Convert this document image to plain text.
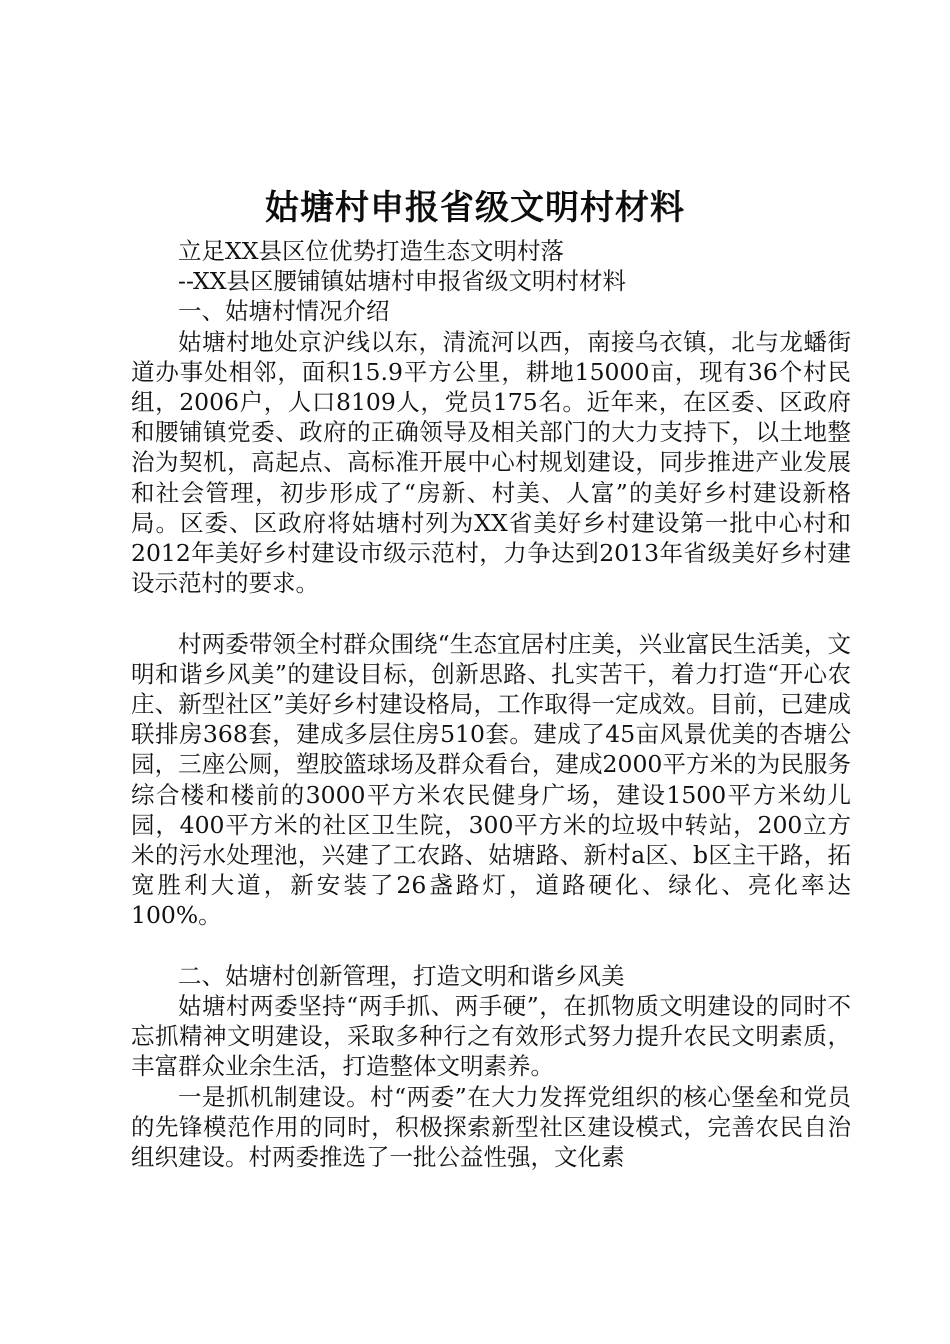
姑塘村申报省级文明村材料

立足XX县区位优势打造生态文明村落

--XX县区腰铺镇姑塘村申报省级文明村材料

一、姑塘村情况介绍

姑塘村地处京沪线以东，清流河以西，南接乌衣镇，北与龙蟠街道办事处相邻，面积15.9平方公里，耕地15000亩，现有36个村民组，2006户，人口8109人，党员175名。近年来，在区委、区政府和腰铺镇党委、政府的正确领导及相关部门的大力支持下，以土地整治为契机，高起点、高标准开展中心村规划建设，同步推进产业发展和社会管理，初步形成了“房新、村美、人富”的美好乡村建设新格局。区委、区政府将姑塘村列为XX省美好乡村建设第一批中心村和2012年美好乡村建设市级示范村，力争达到2013年省级美好乡村建设示范村的要求。

村两委带领全村群众围绕“生态宜居村庄美，兴业富民生活美，文明和谐乡风美”的建设目标，创新思路、扎实苦干，着力打造“开心农庄、新型社区”美好乡村建设格局，工作取得一定成效。目前，已建成联排房368套，建成多层住房510套。建成了45亩风景优美的杏塘公园，三座公厕，塑胶篮球场及群众看台，建成2000平方米的为民服务综合楼和楼前的3000平方米农民健身广场，建设1500平方米幼儿园，400平方米的社区卫生院，300平方米的垃圾中转站，200立方米的污水处理池，兴建了工农路、姑塘路、新村a区、b区主干路，拓宽胜利大道，新安装了26盏路灯，道路硬化、绿化、亮化率达100%。

二、姑塘村创新管理，打造文明和谐乡风美

姑塘村两委坚持“两手抓、两手硬”，在抓物质文明建设的同时不忘抓精神文明建设，采取多种行之有效形式努力提升农民文明素质，丰富群众业余生活，打造整体文明素养。

一是抓机制建设。村“两委”在大力发挥党组织的核心堡垒和党员的先锋模范作用的同时，积极探索新型社区建设模式，完善农民自治组织建设。村两委推选了一批公益性强，文化素
